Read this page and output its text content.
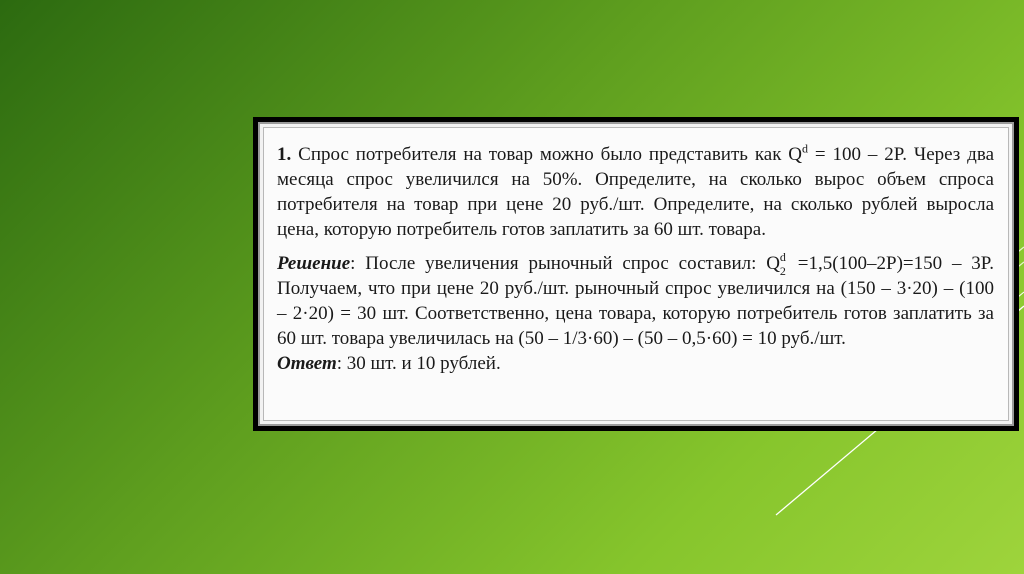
1. Спрос потребителя на товар можно было представить как $Q^d = 100 - 2P$. Через два
месяца спрос увеличился на 50%. Определите, на сколько вырос объем спроса
потребителя на товар при цене 20 руб./шт. Определите, на сколько рублей выросла
цена, которую потребитель готов заплатить за 60 шт. товара.
Решение: После увеличения рыночный спрос составил: Q d
2 =1,5(100–2P)=150 – 3P.
Получаем, что при цене 20 руб./шт. рыночный спрос увеличился на (150 – 3·20) – (100
– 2·20) = 30 шт. Соответственно, цена товара, которую потребитель готов заплатить за
60 шт. товара увеличилась на (50 – 1/3·60) – (50 – 0,5·60) = 10 руб./шт.
Ответ: 30 шт. и 10 рублей.
